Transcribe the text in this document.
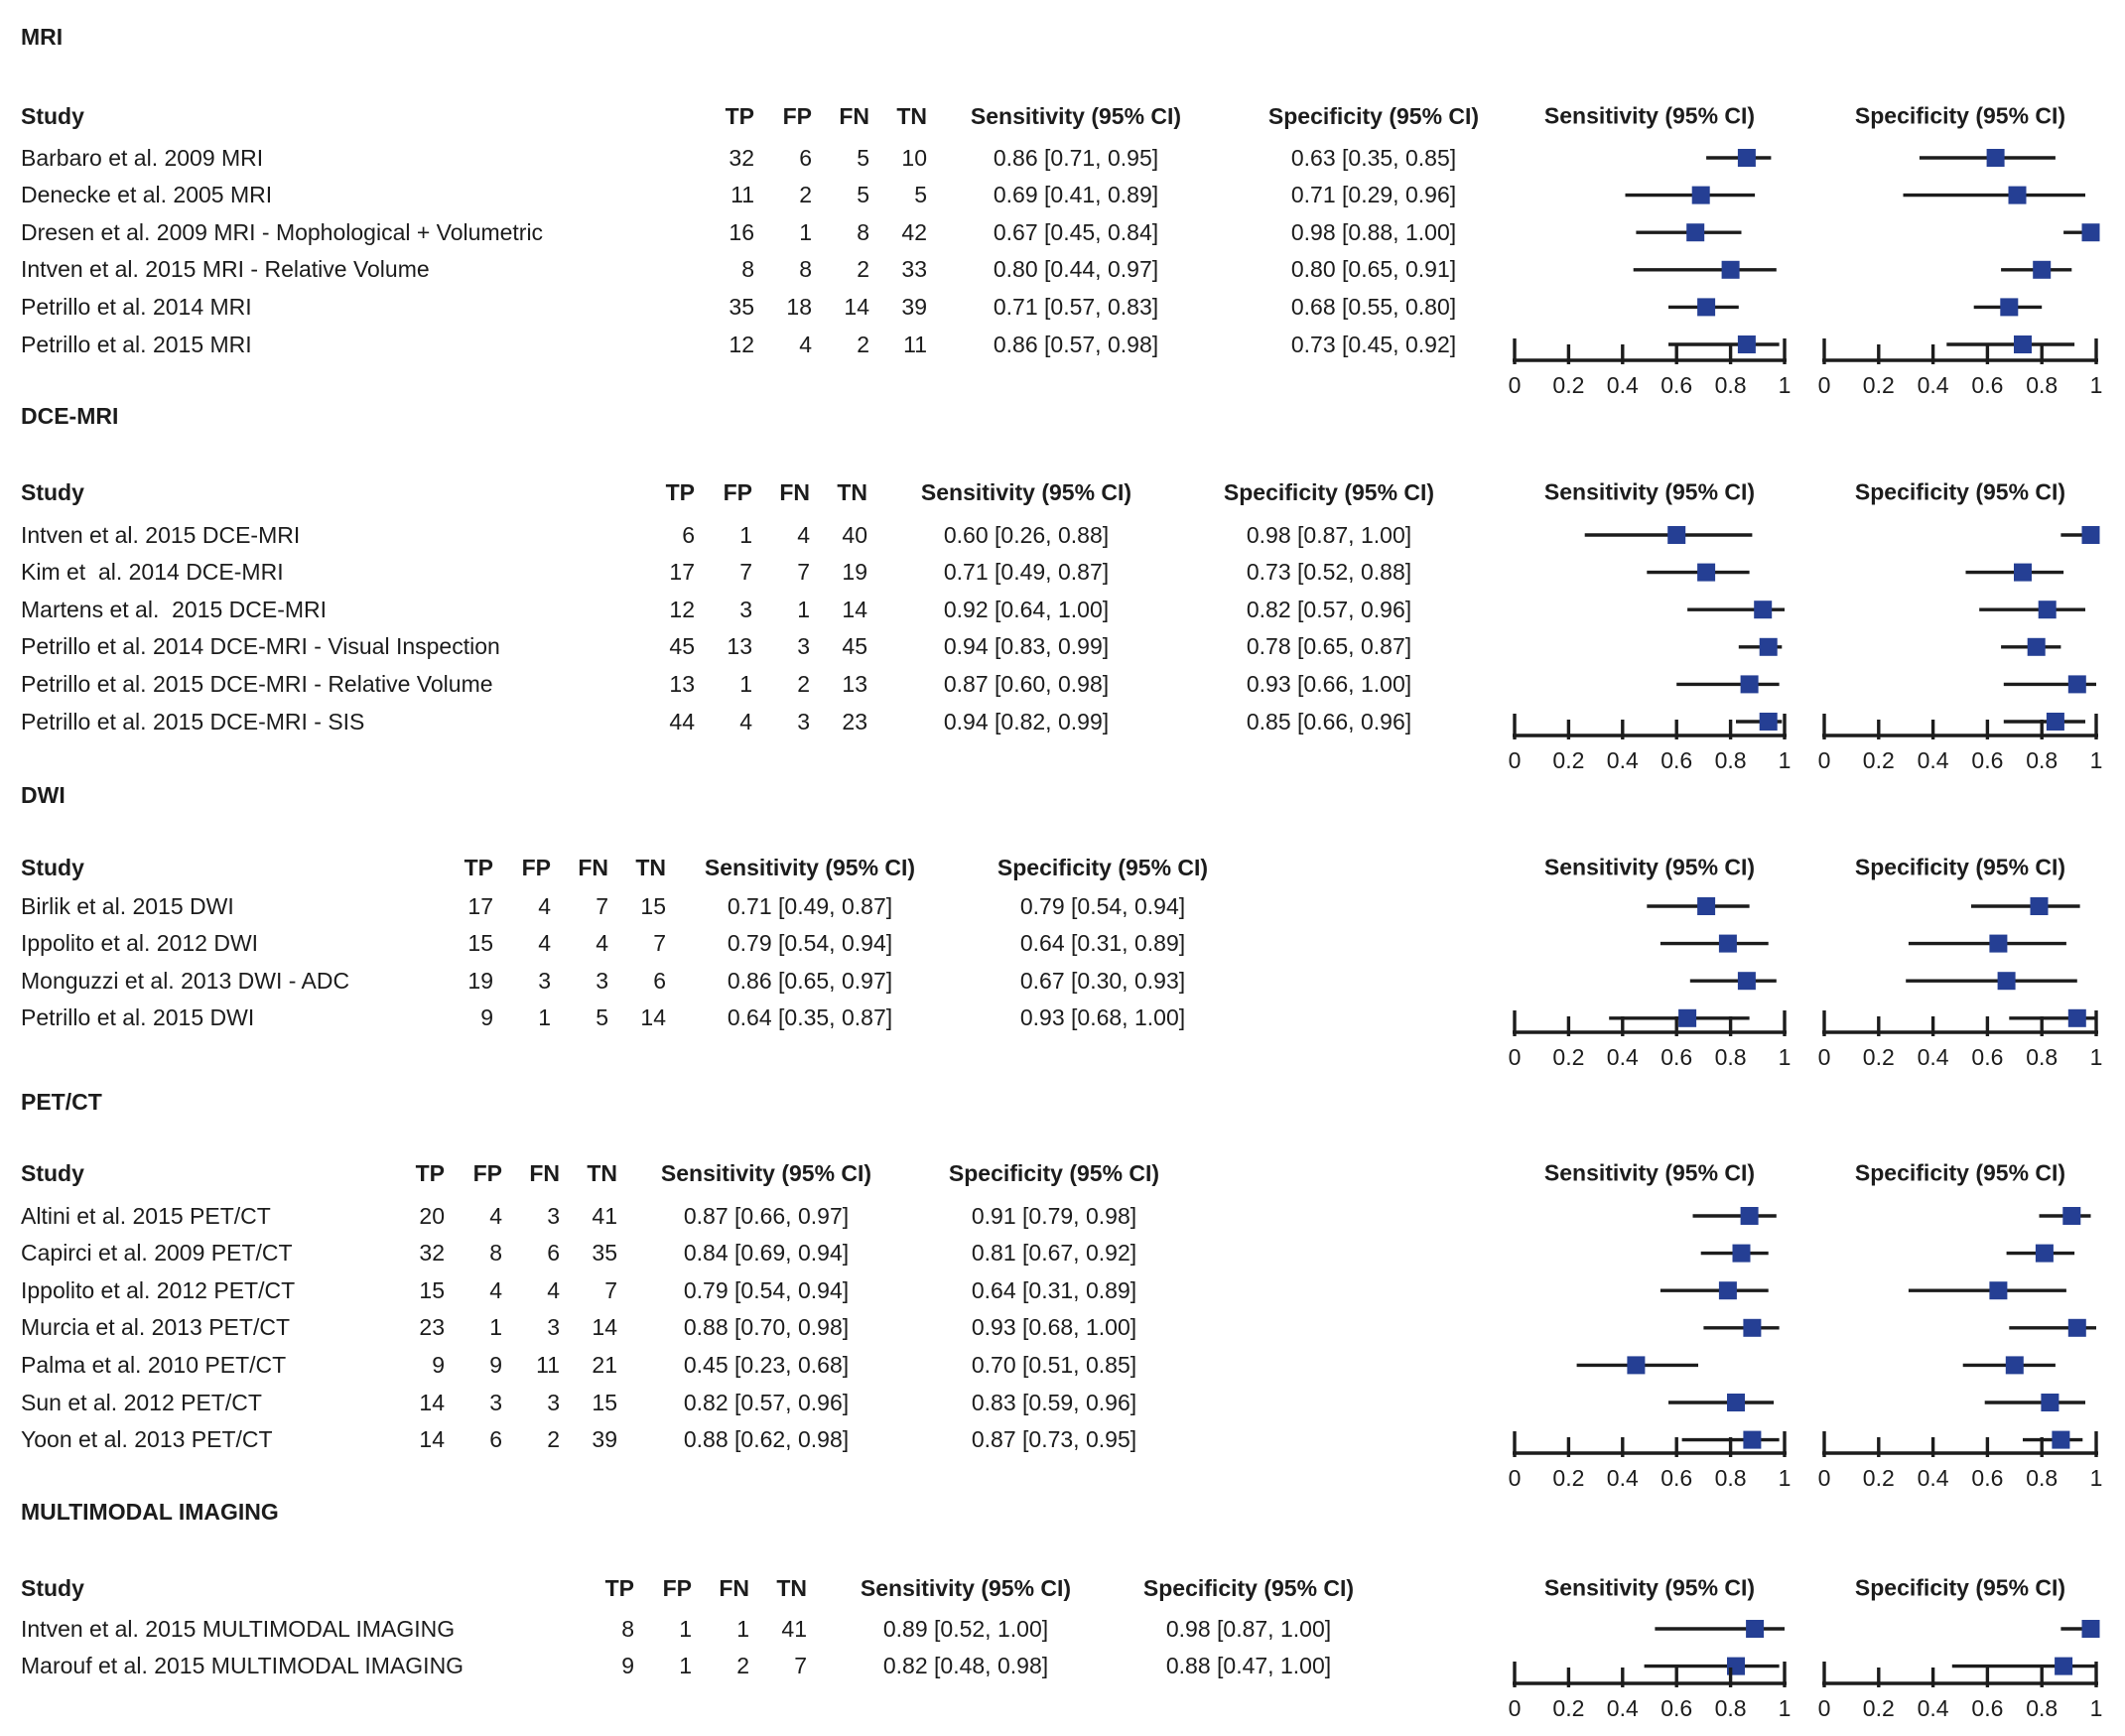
0 0.2 0.4 0.6 0.8 1 0 0.2 0.4 0.6 0.8 1
0 0.2 0.4 0.6 0.8 1 0 0.2 0.4 0.6 0.8 1
0 0.2 0.4 0.6 0.8 1 0 0.2 0.4 0.6 0.8 1
0 0.2 0.4 0.6 0.8 1 0 0.2 0.4 0.6 0.8 1
0 0.2 0.4 0.6 0.8 1 0 0.2 0.4 0.6 0.8 1
MRI
Study	TP	FP	FN	TN	Sensitivity (95% CI)	Specificity (95% CI)	Sensitivity (95% CI)	Specificity (95% CI)
Barbaro et al. 2009 MRI	32	6	5	10	0.86 [0.71, 0.95]	0.63 [0.35, 0.85]
Denecke et al. 2005 MRI	11	2	5	5	0.69 [0.41, 0.89]	0.71 [0.29, 0.96]
Dresen et al. 2009 MRI - Mophological + Volumetric	16	1	8	42	0.67 [0.45, 0.84]	0.98 [0.88, 1.00]
Intven et al. 2015 MRI - Relative Volume	8	8	2	33	0.80 [0.44, 0.97]	0.80 [0.65, 0.91]
Petrillo et al. 2014 MRI	35	18	14	39	0.71 [0.57, 0.83]	0.68 [0.55, 0.80]
Petrillo et al. 2015 MRI	12	4	2	11	0.86 [0.57, 0.98]	0.73 [0.45, 0.92]
DCE-MRI
Study	TP	FP	FN	TN	Sensitivity (95% CI)	Specificity (95% CI)	Sensitivity (95% CI)	Specificity (95% CI)
Intven et al. 2015 DCE-MRI	6	1	4	40	0.60 [0.26, 0.88]	0.98 [0.87, 1.00]
Kim et  al. 2014 DCE-MRI	17	7	7	19	0.71 [0.49, 0.87]	0.73 [0.52, 0.88]
Martens et al.  2015 DCE-MRI	12	3	1	14	0.92 [0.64, 1.00]	0.82 [0.57, 0.96]
Petrillo et al. 2014 DCE-MRI - Visual Inspection	45	13	3	45	0.94 [0.83, 0.99]	0.78 [0.65, 0.87]
Petrillo et al. 2015 DCE-MRI - Relative Volume	13	1	2	13	0.87 [0.60, 0.98]	0.93 [0.66, 1.00]
Petrillo et al. 2015 DCE-MRI - SIS	44	4	3	23	0.94 [0.82, 0.99]	0.85 [0.66, 0.96]
DWI
Study	TP	FP	FN	TN	Sensitivity (95% CI)	Specificity (95% CI)	Sensitivity (95% CI)	Specificity (95% CI)
Birlik et al. 2015 DWI	17	4	7	15	0.71 [0.49, 0.87]	0.79 [0.54, 0.94]
Ippolito et al. 2012 DWI	15	4	4	7	0.79 [0.54, 0.94]	0.64 [0.31, 0.89]
Monguzzi et al. 2013 DWI - ADC	19	3	3	6	0.86 [0.65, 0.97]	0.67 [0.30, 0.93]
Petrillo et al. 2015 DWI	9	1	5	14	0.64 [0.35, 0.87]	0.93 [0.68, 1.00]
PET/CT
Study	TP	FP	FN	TN	Sensitivity (95% CI)	Specificity (95% CI)	Sensitivity (95% CI)	Specificity (95% CI)
Altini et al. 2015 PET/CT	20	4	3	41	0.87 [0.66, 0.97]	0.91 [0.79, 0.98]
Capirci et al. 2009 PET/CT	32	8	6	35	0.84 [0.69, 0.94]	0.81 [0.67, 0.92]
Ippolito et al. 2012 PET/CT	15	4	4	7	0.79 [0.54, 0.94]	0.64 [0.31, 0.89]
Murcia et al. 2013 PET/CT	23	1	3	14	0.88 [0.70, 0.98]	0.93 [0.68, 1.00]
Palma et al. 2010 PET/CT	9	9	11	21	0.45 [0.23, 0.68]	0.70 [0.51, 0.85]
Sun et al. 2012 PET/CT	14	3	3	15	0.82 [0.57, 0.96]	0.83 [0.59, 0.96]
Yoon et al. 2013 PET/CT	14	6	2	39	0.88 [0.62, 0.98]	0.87 [0.73, 0.95]
MULTIMODAL IMAGING
Study	TP	FP	FN	TN	Sensitivity (95% CI)	Specificity (95% CI)	Sensitivity (95% CI)	Specificity (95% CI)
Intven et al. 2015 MULTIMODAL IMAGING	8	1	1	41	0.89 [0.52, 1.00]	0.98 [0.87, 1.00]
Marouf et al. 2015 MULTIMODAL IMAGING	9	1	2	7	0.82 [0.48, 0.98]	0.88 [0.47, 1.00]
